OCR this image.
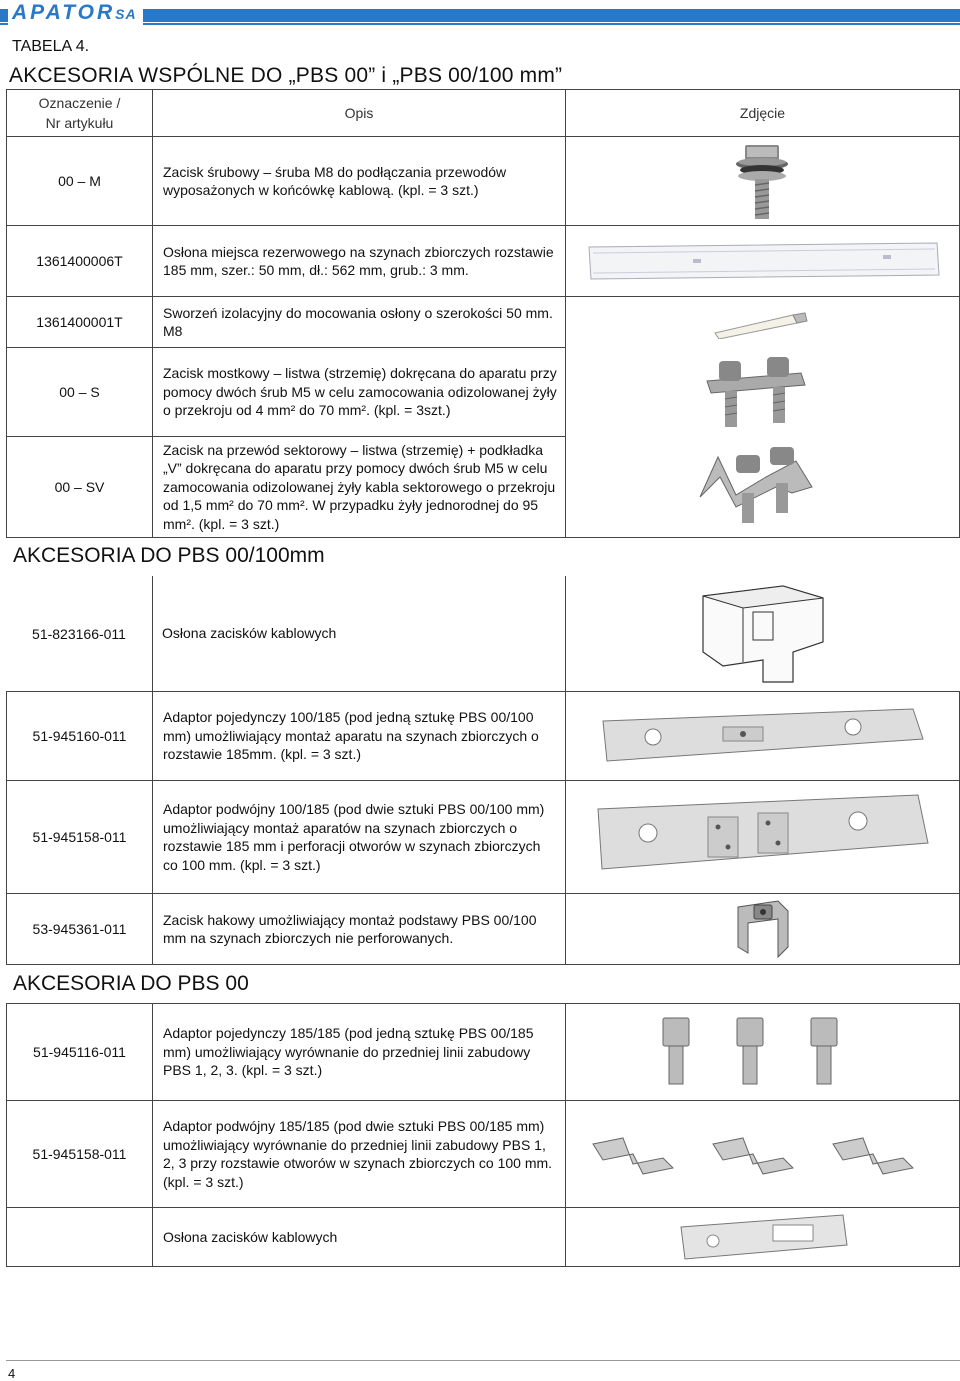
APATORSA
TABELA 4.
AKCESORIA WSPÓLNE DO „PBS 00” i „PBS 00/100 mm”
Oznaczenie /
Nr artykułu
Opis	Zdjęcie
00 – M
Zacisk śrubowy – śruba M8 do podłączania przewodów wyposażonych w końcówkę kablową. (kpl. = 3 szt.)
1361400006T
Osłona miejsca rezerwowego na szynach zbiorczych rozstawie 185 mm, szer.: 50 mm, dł.: 562 mm, grub.: 3 mm.
1361400001T
Sworzeń izolacyjny do mocowania osłony o szerokości 50 mm. M8
00 – S
Zacisk mostkowy – listwa (strzemię) dokręcana do aparatu przy pomocy dwóch śrub M5 w celu zamocowania odizolowanej żyły o przekroju od 4 mm² do 70 mm². (kpl. = 3szt.)
00 – SV
Zacisk na przewód sektorowy – listwa (strzemię) + podkładka „V” dokręcana do aparatu przy pomocy dwóch śrub M5 w celu zamocowania odizolowanej żyły kabla sektorowego o przekroju od 1,5 mm² do 70 mm². W przypadku żyły jednorodnej do 95 mm². (kpl. = 3 szt.)
AKCESORIA DO PBS 00/100mm
51-823166-011	Osłona zacisków kablowych
51-945160-011
Adaptor pojedynczy 100/185 (pod jedną sztukę PBS 00/100 mm) umożliwiający montaż aparatu na szynach zbiorczych o rozstawie 185mm. (kpl. = 3 szt.)
51-945158-011
Adaptor podwójny 100/185 (pod dwie sztuki PBS 00/100 mm) umożliwiający montaż aparatów na szynach zbiorczych o rozstawie 185 mm i perforacji otworów w szynach zbiorczych co 100 mm. (kpl. = 3 szt.)
53-945361-011
Zacisk hakowy umożliwiający montaż podstawy PBS 00/100 mm na szynach zbiorczych nie perforowanych.
AKCESORIA DO PBS 00
51-945116-011
Adaptor pojedynczy 185/185 (pod jedną sztukę PBS 00/185 mm) umożliwiający wyrównanie do przedniej linii zabudowy PBS 1, 2, 3. (kpl. = 3 szt.)
51-945158-011
Adaptor podwójny 185/185 (pod dwie sztuki PBS 00/185 mm) umożliwiający wyrównanie do przedniej linii zabudowy PBS 1, 2, 3 przy rozstawie otworów w szynach zbiorczych co 100 mm. (kpl. = 3 szt.)
Osłona zacisków kablowych
4
